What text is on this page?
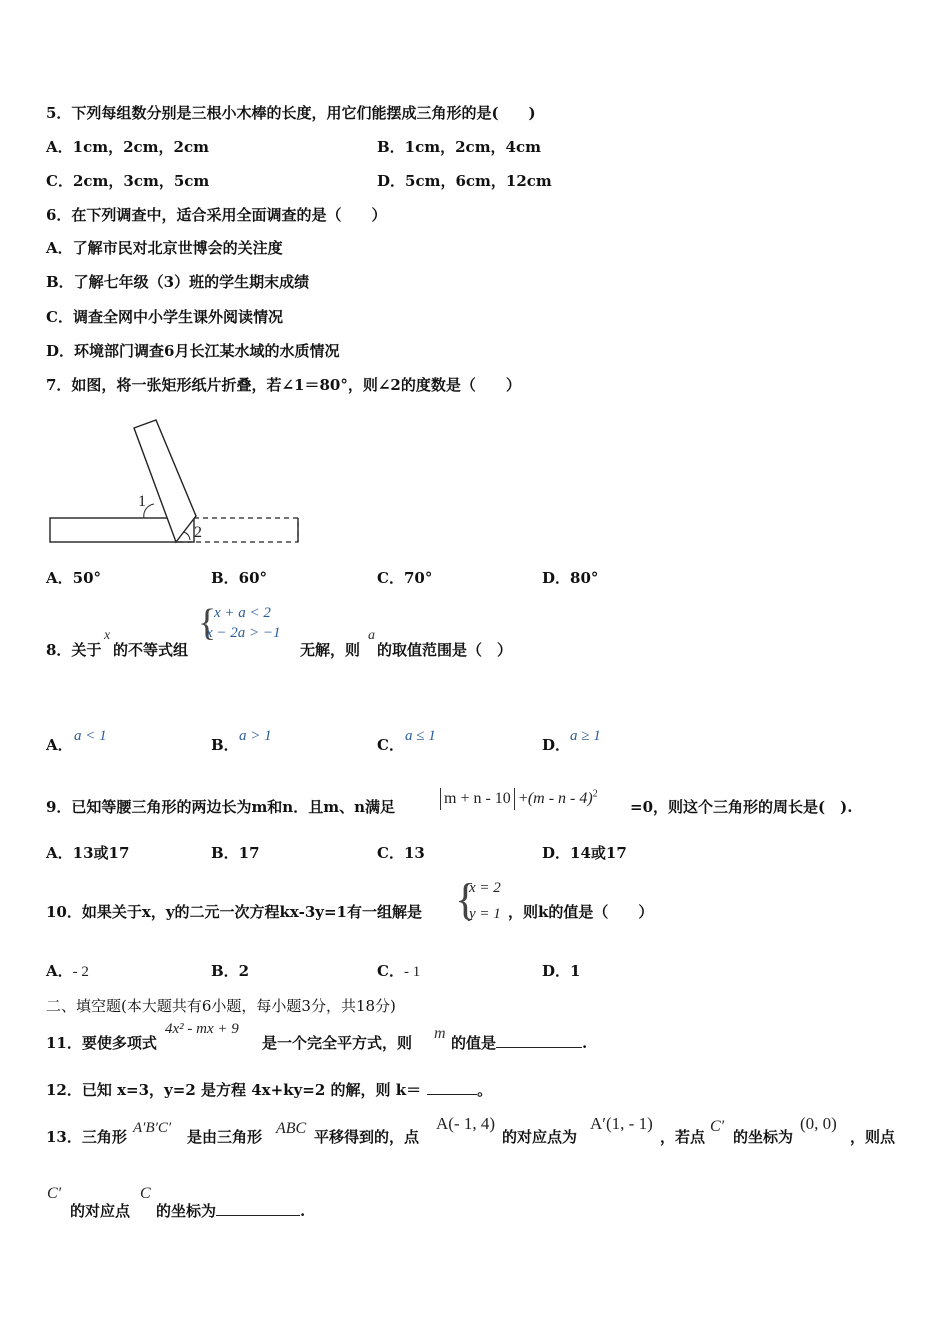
5．下列每组数分别是三根小木棒的长度，用它们能摆成三角形的是(　　)
A．1cm，2cm，2cm	B．1cm，2cm，4cm
C．2cm，3cm，5cm	D．5cm，6cm，12cm
6．在下列调查中，适合采用全面调查的是（　　）
A．了解市民对北京世博会的关注度
B．了解七年级（3）班的学生期末成绩
C．调查全网中小学生课外阅读情况
D．环境部门调查6月长江某水域的水质情况
7．如图，将一张矩形纸片折叠，若∠1＝80°，则∠2的度数是（　　）
1
2
A．50°	B．60°	C．70°	D．80°
8．关于
x
的不等式组
{
x + a < 2
x − 2a > −1
无解，则
a
的取值范围是（　）
A． a < 1	B． a > 1	C． a ≤ 1	D． a ≥ 1
9．已知等腰三角形的两边长为m和n．且m、n满足	m + n - 10 +(m - n - 4)$^2$
=0，则这个三角形的周长是(　).
A．13或17	B．17	C．13	D．14或17
10．如果关于x，y的二元一次方程kx-3y=1有一组解是 {
x = 2
y = 1 ，则k的值是（　　）
A．- 2	B．2	C．- 1	D．1
二、填空题(本大题共有6小题，每小题3分，共18分)
11．要使多项式
4x² - mx + 9
是一个完全平方式，则
m
的值是	.
12．已知 x=3，y=2 是方程 4x+ky=2 的解，则 k＝	。
13．三角形 A′B′C′ 是由三角形 ABC 平移得到的，点
A(- 1, 4)
的对应点为
A′(1, - 1)
，若点
C′
的坐标为
(0, 0)
，则点
C′
的对应点
C
的坐标为	.
